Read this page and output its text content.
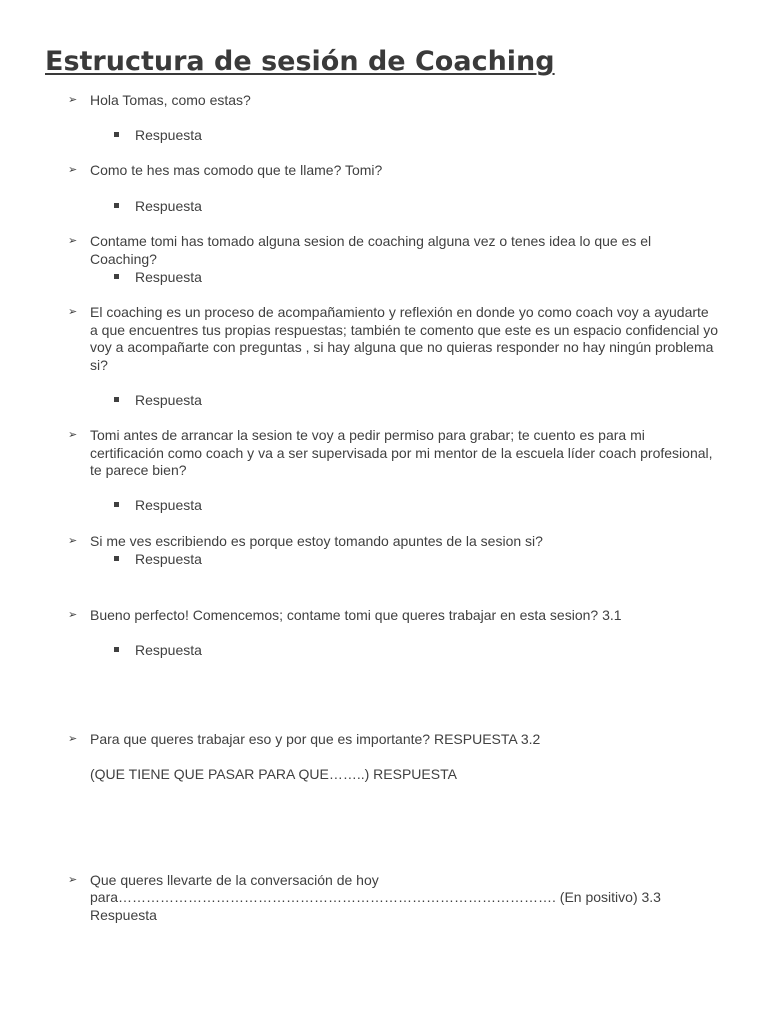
Estructura de sesión de Coaching
➢ Hola Tomas, como estas?
Respuesta
➢ Como te hes mas comodo que te llame? Tomi?
Respuesta
➢ Contame tomi has tomado alguna sesion de coaching alguna vez o tenes idea lo que es el Coaching?
Respuesta
➢ El coaching es un proceso de acompañamiento y reflexión en donde yo como coach voy a ayudarte a que encuentres tus propias respuestas; también te comento que este es un espacio confidencial yo voy a acompañarte con preguntas , si hay alguna que no quieras responder no hay ningún problema si?
Respuesta
➢ Tomi antes de arrancar la sesion te voy a pedir permiso para grabar; te cuento es para mi certificación como coach y va a ser supervisada por mi mentor de la escuela líder coach profesional, te parece bien?
Respuesta
➢ Si me ves escribiendo es porque estoy tomando apuntes de la sesion si?
Respuesta
➢ Bueno perfecto! Comencemos; contame tomi que queres trabajar en esta sesion? 3.1
Respuesta
➢ Para que queres trabajar eso y por que es importante? RESPUESTA 3.2
(QUE TIENE QUE PASAR PARA QUE……..) RESPUESTA
➢ Que queres llevarte de la conversación de hoy
para…………………………………………………………………………………. (En positivo) 3.3
Respuesta
